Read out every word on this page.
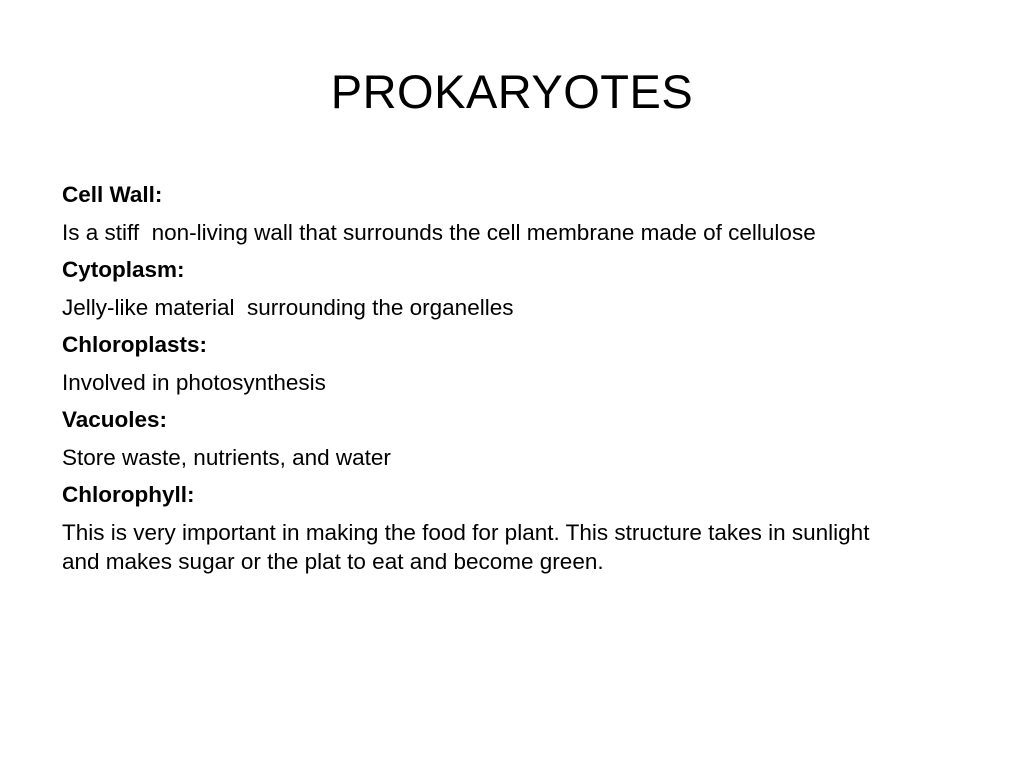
PROKARYOTES
Cell Wall:
Is a stiff  non-living wall that surrounds the cell membrane made of cellulose
Cytoplasm:
Jelly-like material  surrounding the organelles
Chloroplasts:
Involved in photosynthesis
Vacuoles:
Store waste, nutrients, and water
Chlorophyll:
This is very important in making the food for plant. This structure takes in sunlight and makes sugar or the plat to eat and become green.
